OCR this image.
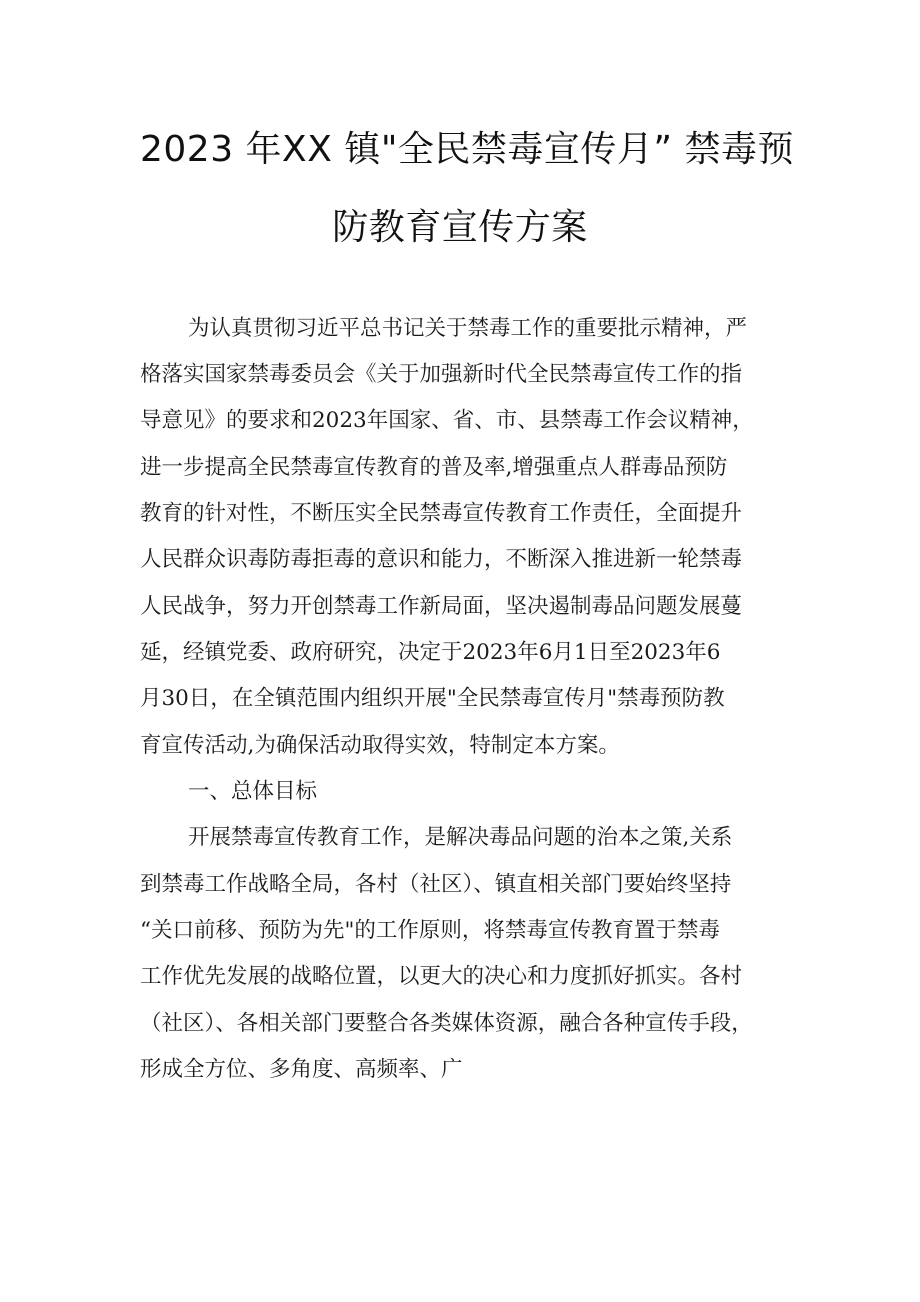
2023 年XX 镇"全民禁毒宣传月” 禁毒预
防教育宣传方案
为认真贯彻习近平总书记关于禁毒工作的重要批示精神，严
格落实国家禁毒委员会《关于加强新时代全民禁毒宣传工作的指
导意见》的要求和2023年国家、省、市、县禁毒工作会议精神，
进一步提高全民禁毒宣传教育的普及率,增强重点人群毒品预防
教育的针对性，不断压实全民禁毒宣传教育工作责任，全面提升
人民群众识毒防毒拒毒的意识和能力，不断深入推进新一轮禁毒
人民战争，努力开创禁毒工作新局面，坚决遏制毒品问题发展蔓
延，经镇党委、政府研究，决定于2023年6月1日至2023年6
月30日，在全镇范围内组织开展"全民禁毒宣传月"禁毒预防教
育宣传活动,为确保活动取得实效，特制定本方案。
一、总体目标
开展禁毒宣传教育工作，是解决毒品问题的治本之策,关系
到禁毒工作战略全局，各村（社区）、镇直相关部门要始终坚持
“关口前移、预防为先"的工作原则，将禁毒宣传教育置于禁毒
工作优先发展的战略位置，以更大的决心和力度抓好抓实。各村
（社区）、各相关部门要整合各类媒体资源，融合各种宣传手段，
形成全方位、多角度、高频率、广
